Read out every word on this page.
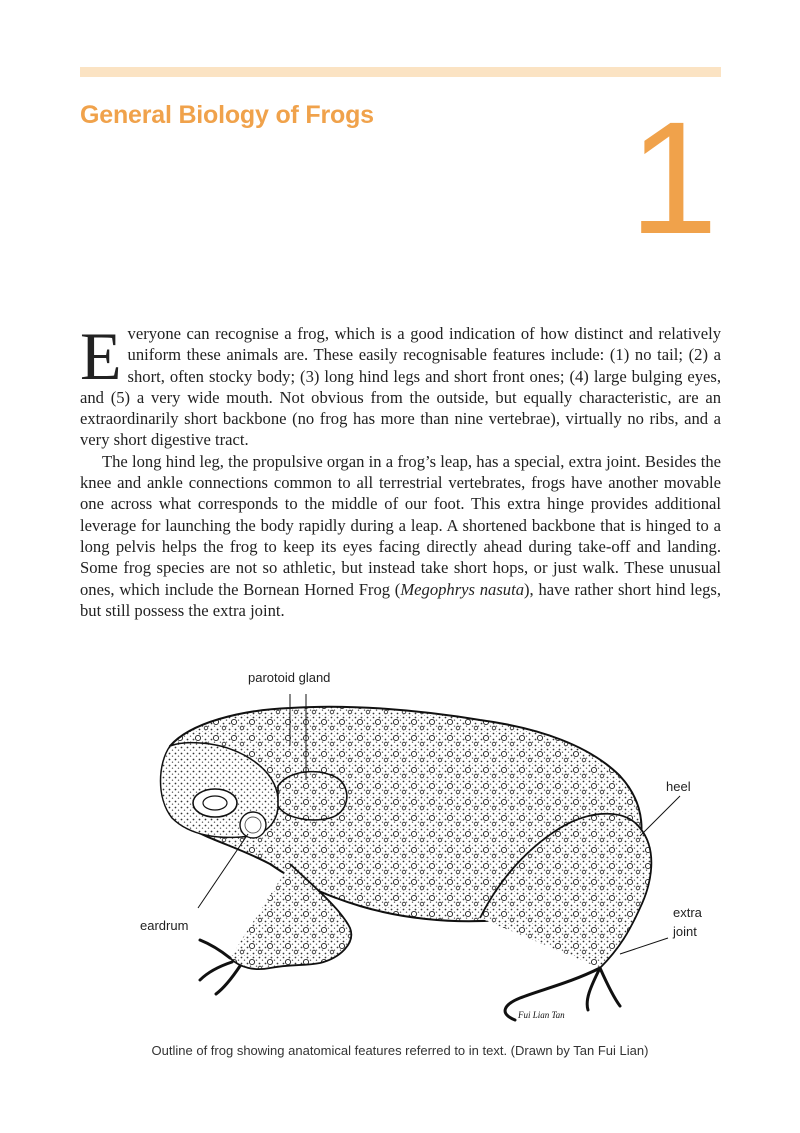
General Biology of Frogs 1

Everyone can recognise a frog, which is a good indication of how distinct and relatively uniform these animals are. These easily recognisable features include: (1) no tail; (2) a short, often stocky body; (3) long hind legs and short front ones; (4) large bulging eyes, and (5) a very wide mouth. Not obvious from the outside, but equally characteristic, are an extraordinarily short backbone (no frog has more than nine vertebrae), virtually no ribs, and a very short digestive tract.

The long hind leg, the propulsive organ in a frog’s leap, has a special, extra joint. Besides the knee and ankle connections common to all terrestrial vertebrates, frogs have another movable one across what corresponds to the middle of our foot. This extra hinge provides additional leverage for launching the body rapidly during a leap. A shortened backbone that is hinged to a long pelvis helps the frog to keep its eyes facing directly ahead during take-off and landing. Some frog species are not so athletic, but instead take short hops, or just walk. These unusual ones, which include the Bornean Horned Frog (Megophrys nasuta), have rather short hind legs, but still possess the extra joint.

Fui Lian Tan
parotoid gland
heel
eardrum
extra
joint
Outline of frog showing anatomical features referred to in text. (Drawn by Tan Fui Lian)
